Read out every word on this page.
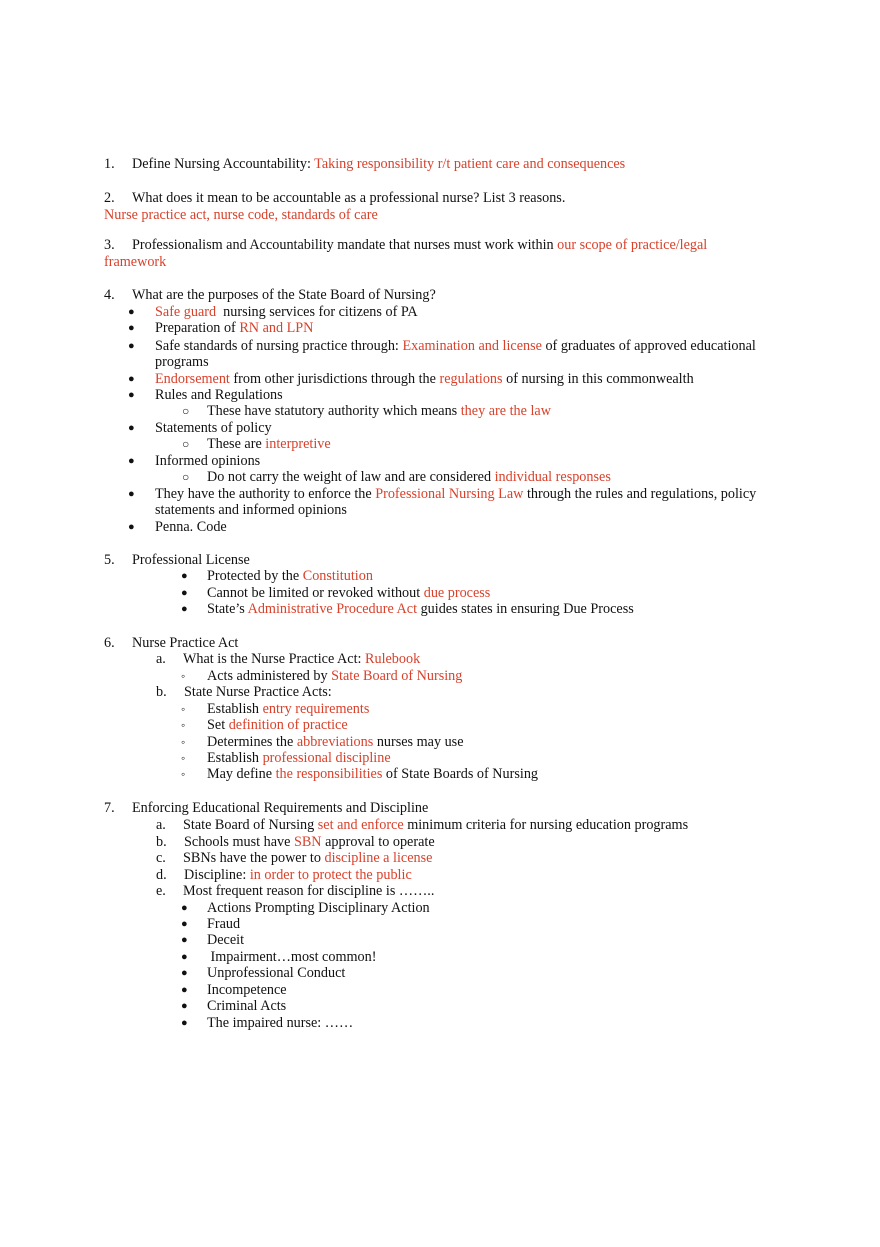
1. Define Nursing Accountability: Taking responsibility r/t patient care and consequences
2. What does it mean to be accountable as a professional nurse? List 3 reasons.
Nurse practice act, nurse code, standards of care
3. Professionalism and Accountability mandate that nurses must work within our scope of practice/legal
framework
4. What are the purposes of the State Board of Nursing?
● Safe guard  nursing services for citizens of PA
● Preparation of RN and LPN
● Safe standards of nursing practice through: Examination and license of graduates of approved educational
programs
● Endorsement from other jurisdictions through the regulations of nursing in this commonwealth
● Rules and Regulations
○ These have statutory authority which means they are the law
● Statements of policy
○ These are interpretive
● Informed opinions
○ Do not carry the weight of law and are considered individual responses
● They have the authority to enforce the Professional Nursing Law through the rules and regulations, policy
statements and informed opinions
● Penna. Code
5. Professional License
● Protected by the Constitution
● Cannot be limited or revoked without due process
● State’s Administrative Procedure Act guides states in ensuring Due Process
6. Nurse Practice Act
a. What is the Nurse Practice Act: Rulebook
◦ Acts administered by State Board of Nursing
b. State Nurse Practice Acts:
◦ Establish entry requirements
◦ Set definition of practice
◦ Determines the abbreviations nurses may use
◦ Establish professional discipline
◦ May define the responsibilities of State Boards of Nursing
7. Enforcing Educational Requirements and Discipline
a. State Board of Nursing set and enforce minimum criteria for nursing education programs
b. Schools must have SBN approval to operate
c. SBNs have the power to discipline a license
d. Discipline: in order to protect the public
e. Most frequent reason for discipline is ……..
● Actions Prompting Disciplinary Action
● Fraud
● Deceit
● Impairment…most common!
● Unprofessional Conduct
● Incompetence
● Criminal Acts
● The impaired nurse: ……
